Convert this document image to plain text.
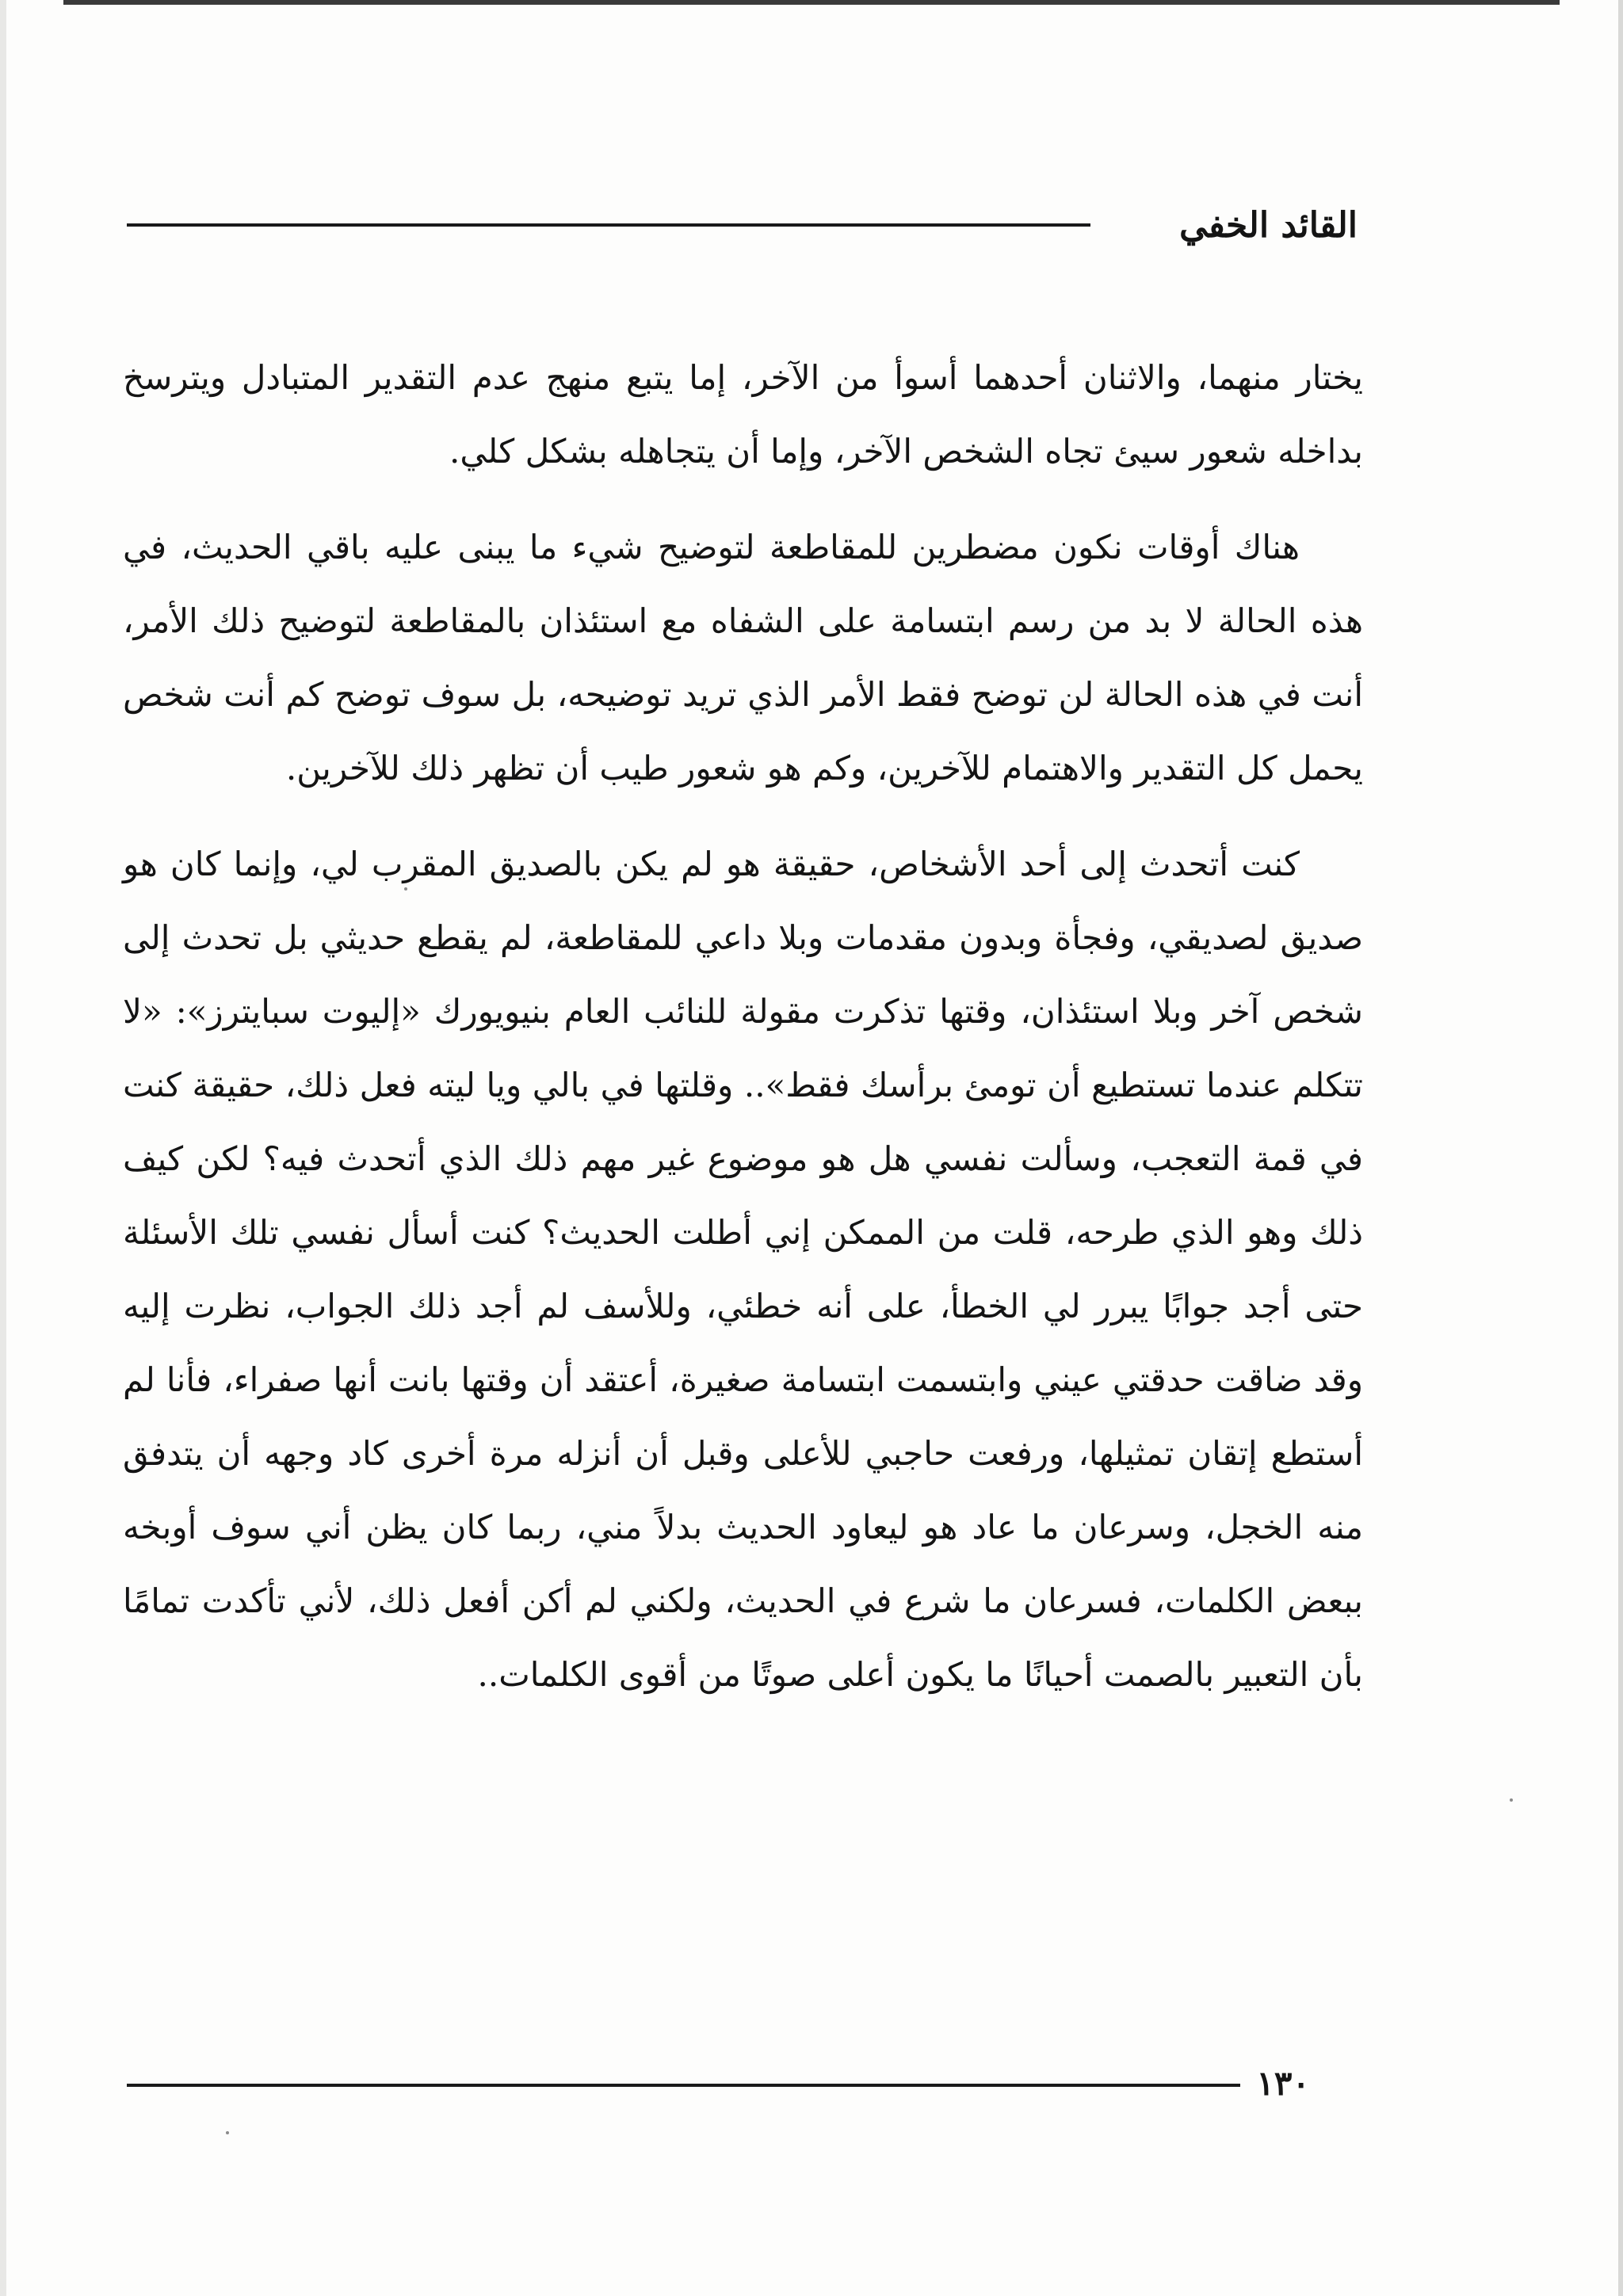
القائد الخفي

يختار منهما، والاثنان أحدهما أسوأ من الآخر، إما يتبع منهج عدم التقدير المتبادل ويترسخ بداخله شعور سيئ تجاه الشخص الآخر، وإما أن يتجاهله بشكل كلي.

هناك أوقات نكون مضطرين للمقاطعة لتوضيح شيء ما يبنى عليه باقي الحديث، في هذه الحالة لا بد من رسم ابتسامة على الشفاه مع استئذان بالمقاطعة لتوضيح ذلك الأمر، أنت في هذه الحالة لن توضح فقط الأمر الذي تريد توضيحه، بل سوف توضح كم أنت شخص يحمل كل التقدير والاهتمام للآخرين، وكم هو شعور طيب أن تظهر ذلك للآخرين.

كنت أتحدث إلى أحد الأشخاص، حقيقة هو لم يكن بالصديق المقرب لي، وإنما كان هو صديق لصديقي، وفجأة وبدون مقدمات وبلا داعي للمقاطعة، لم يقطع حديثي بل تحدث إلى شخص آخر وبلا استئذان، وقتها تذكرت مقولة للنائب العام بنيويورك «إليوت سبايترز»: «لا تتكلم عندما تستطيع أن تومئ برأسك فقط».. وقلتها في بالي ويا ليته فعل ذلك، حقيقة كنت في قمة التعجب، وسألت نفسي هل هو موضوع غير مهم ذلك الذي أتحدث فيه؟ لكن كيف ذلك وهو الذي طرحه، قلت من الممكن إني أطلت الحديث؟ كنت أسأل نفسي تلك الأسئلة حتى أجد جوابًا يبرر لي الخطأ، على أنه خطئي، وللأسف لم أجد ذلك الجواب، نظرت إليه وقد ضاقت حدقتي عيني وابتسمت ابتسامة صغيرة، أعتقد أن وقتها بانت أنها صفراء، فأنا لم أستطع إتقان تمثيلها، ورفعت حاجبي للأعلى وقبل أن أنزله مرة أخرى كاد وجهه أن يتدفق منه الخجل، وسرعان ما عاد هو ليعاود الحديث بدلاً مني، ربما كان يظن أني سوف أوبخه ببعض الكلمات، فسرعان ما شرع في الحديث، ولكني لم أكن أفعل ذلك، لأني تأكدت تمامًا بأن التعبير بالصمت أحيانًا ما يكون أعلى صوتًا من أقوى الكلمات..

١٣٠
